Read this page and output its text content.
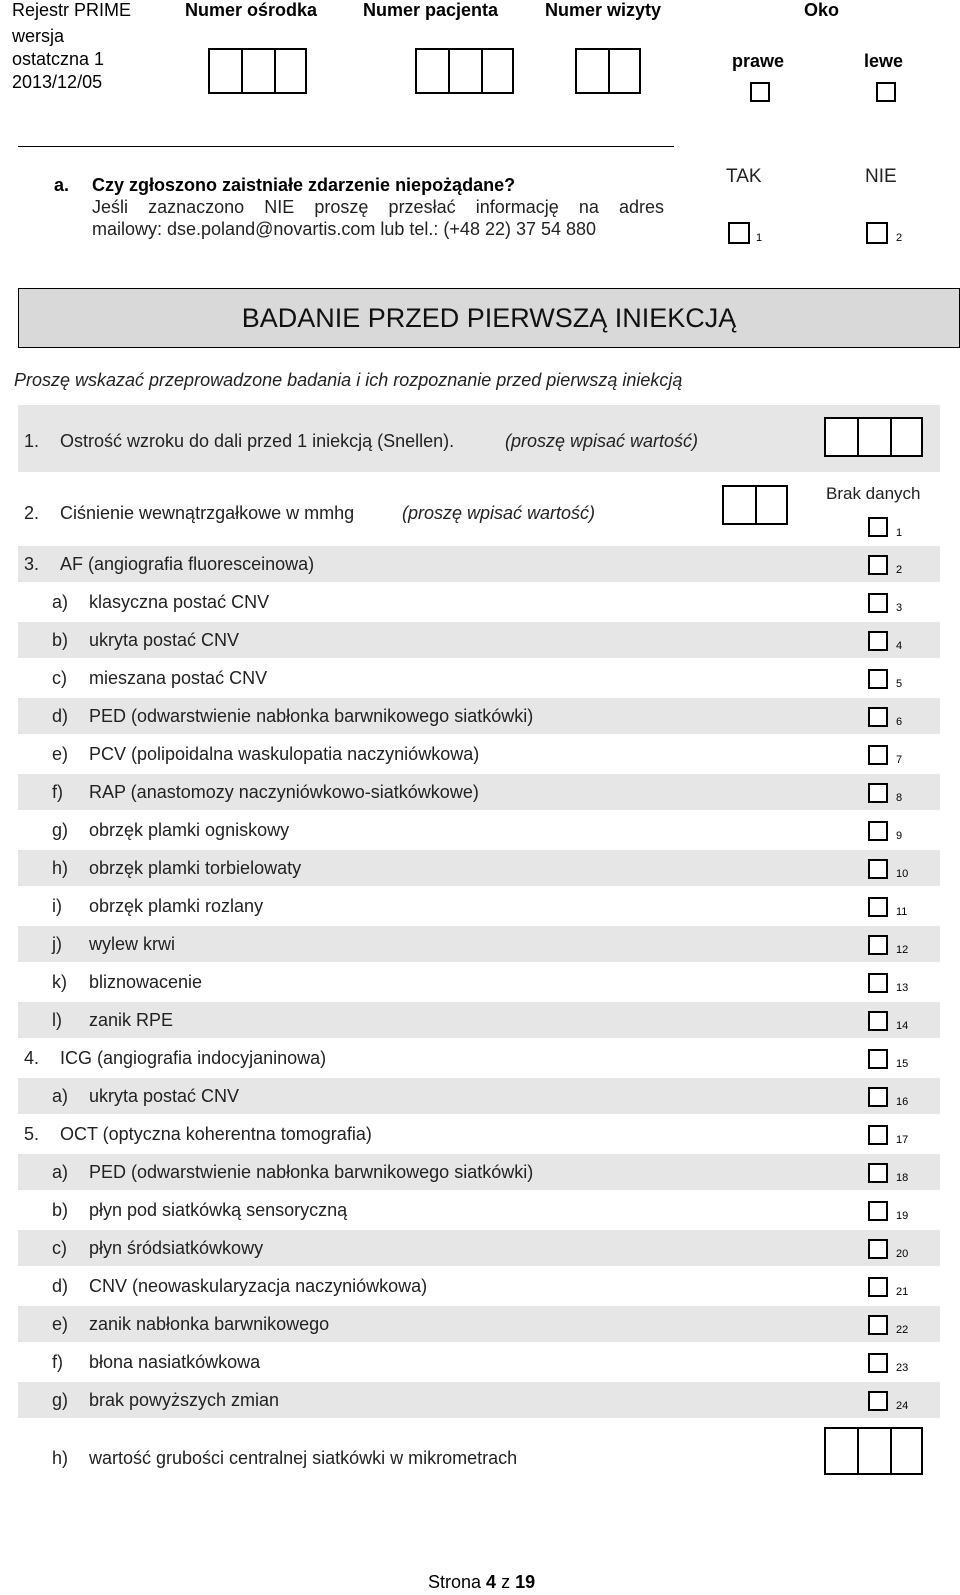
Rejestr PRIME	Numer ośrodka	Numer pacjenta	Numer wizyty	Oko
wersja
ostatczna 1
2013/12/05
prawe	lewe
a. Czy zgłoszono zaistniałe zdarzenie niepożądane?
Jeśli zaznaczono NIE proszę przesłać informację na adres
mailowy: dse.poland@novartis.com lub tel.: (+48 22) 37 54 880
TAK	NIE
1	2
BADANIE PRZED PIERWSZĄ INIEKCJĄ
Proszę wskazać przeprowadzone badania i ich rozpoznanie przed pierwszą iniekcją
1. Ostrość wzroku do dali przed 1 iniekcją (Snellen).	(proszę wpisać wartość)
2. Ciśnienie wewnątrzgałkowe w mmhg	(proszę wpisać wartość)
Brak danych
1
3. AF (angiografia fluoresceinowa)	2
a) klasyczna postać CNV	3
b) ukryta postać CNV	4
c) mieszana postać CNV	5
d) PED (odwarstwienie nabłonka barwnikowego siatkówki)	6
e) PCV (polipoidalna waskulopatia naczyniówkowa)	7
f) RAP (anastomozy naczyniówkowo-siatkówkowe)	8
g) obrzęk plamki ogniskowy	9
h) obrzęk plamki torbielowaty	10
i) obrzęk plamki rozlany	11
j) wylew krwi	12
k) bliznowacenie	13
l) zanik RPE	14
4. ICG (angiografia indocyjaninowa)	15
a) ukryta postać CNV	16
5. OCT (optyczna koherentna tomografia)	17
a) PED (odwarstwienie nabłonka barwnikowego siatkówki)	18
b) płyn pod siatkówką sensoryczną	19
c) płyn śródsiatkówkowy	20
d) CNV (neowaskularyzacja naczyniówkowa)	21
e) zanik nabłonka barwnikowego	22
f) błona nasiatkówkowa	23
g) brak powyższych zmian	24
h) wartość grubości centralnej siatkówki w mikrometrach
Strona 4 z 19
